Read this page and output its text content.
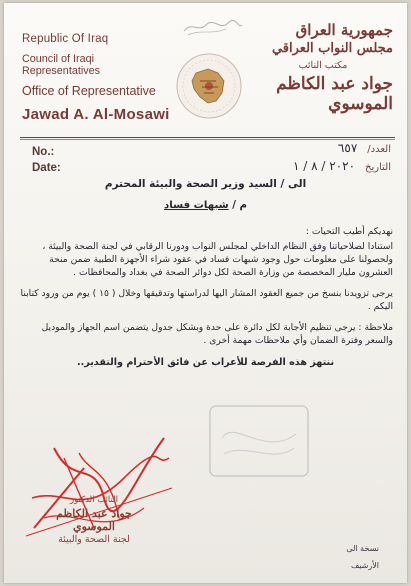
Republic Of Iraq
Council of Iraqi Representatives
Office of Representative
Jawad A. Al-Mosawi
جمهورية العراق
مجلس النواب العراقي
مكتب النائب
جواد عبد الكاظم الموسوي
No.:
Date:
العدد/
٦٥٧
التاريخ
٢٠٢٠ / ٨ / ١
الى / السيد وزير الصحة والبيئة المحترم
م / شبهات فساد
نهديكم أطيب التحيات :
استنادا لصلاحياتنا وفق النظام الداخلي لمجلس النواب ودورنا الرقابي في لجنة الصحة والبيئة ، ولحصولنا على معلومات حول وجود شبهات فساد في عقود شراء الأجهزة الطبية ضمن منحة العشرون مليار المخصصة من وزارة الصحة لكل دوائر الصحة في بغداد والمحافظات .
يرجى تزويدنا بنسخ من جميع العقود المشار اليها لدراستها وتدقيقها وخلال ( ١٥ ) يوم من ورود كتابنا اليكم .
ملاحظة : يرجى تنظيم الأجابة لكل دائرة على حدة وبشكل جدول يتضمن اسم الجهاز والموديل والسعر وفترة الضمان وأي ملاحظات مهمة أخرى .
ننتهز هذه الفرصة للأعراب عن فائق الأحترام والتقدير..
النائب الدكتور
جواد عبد الكاظم الموسوي
لجنة الصحة والبيئة
نسخة الى
الأرشيف
